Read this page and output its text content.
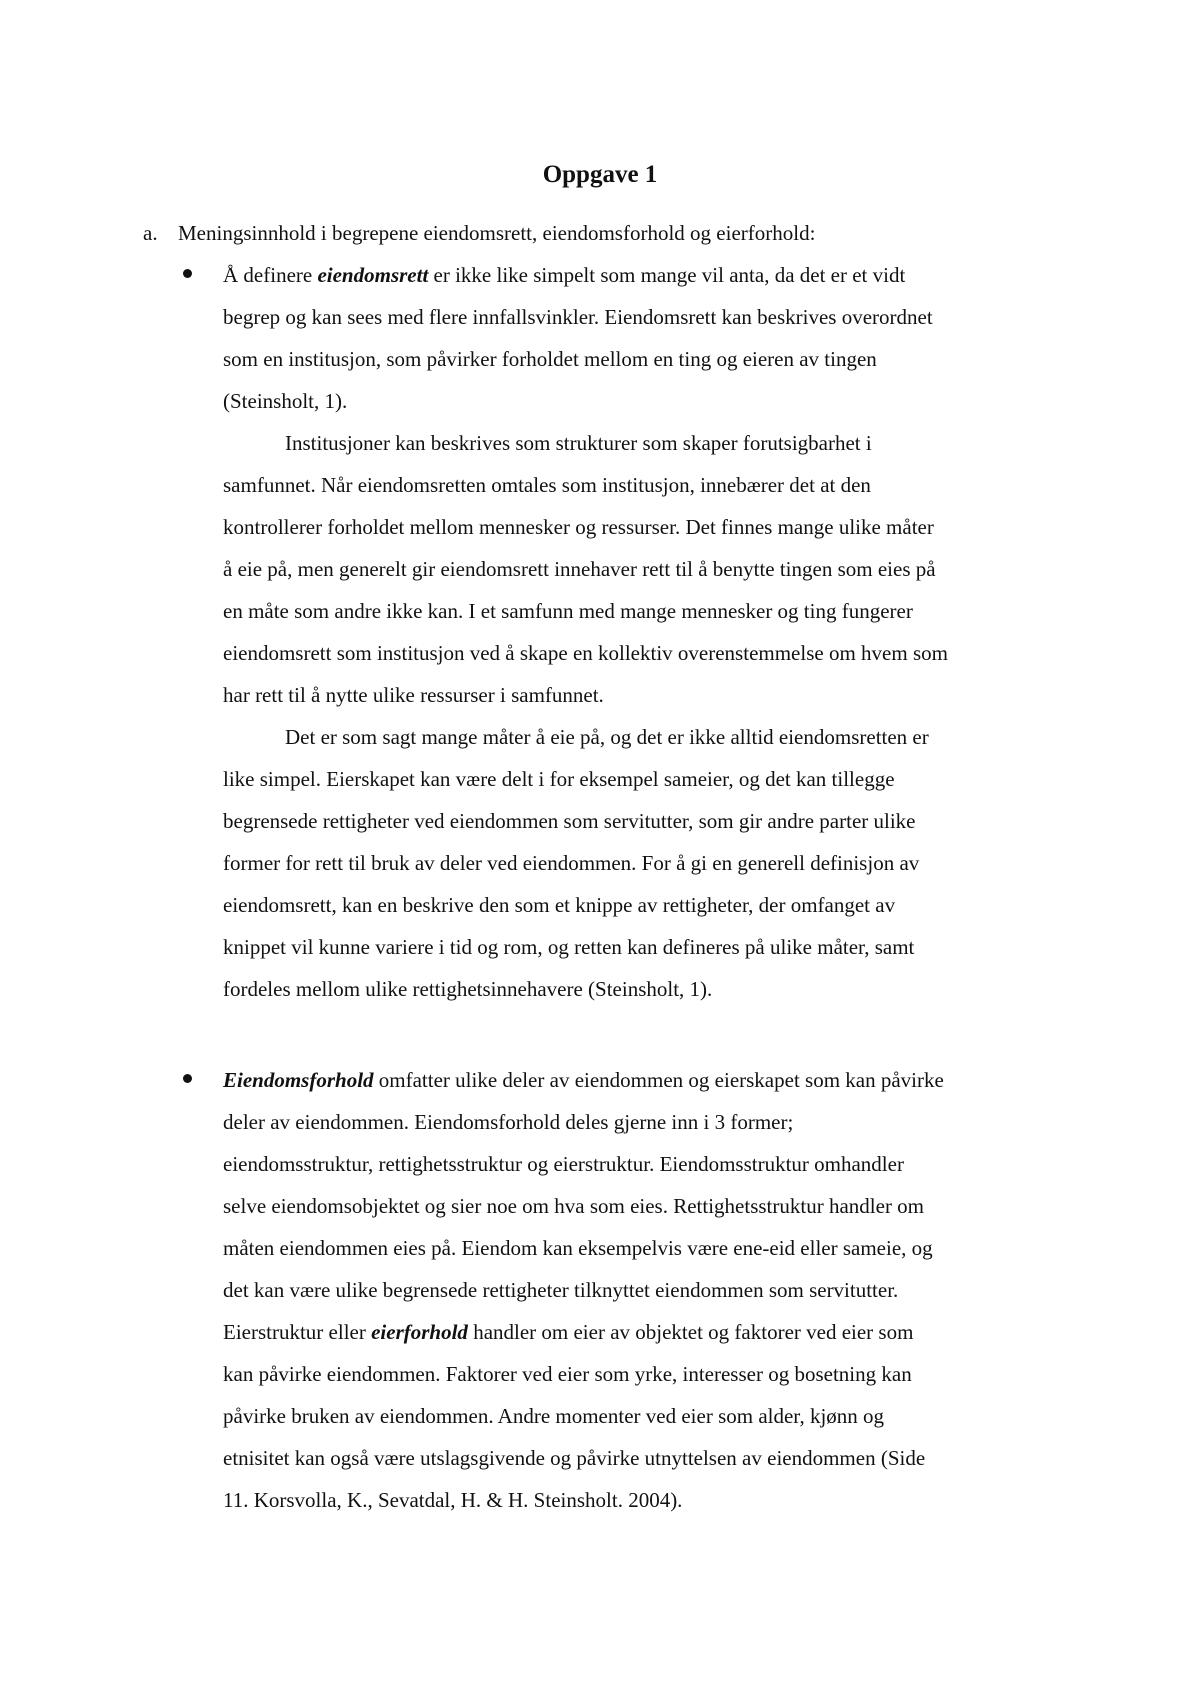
Oppgave 1
a. Meningsinnhold i begrepene eiendomsrett, eiendomsforhold og eierforhold:
Å definere eiendomsrett er ikke like simpelt som mange vil anta, da det er et vidt
begrep og kan sees med flere innfallsvinkler. Eiendomsrett kan beskrives overordnet
som en institusjon, som påvirker forholdet mellom en ting og eieren av tingen
(Steinsholt, 1).
Institusjoner kan beskrives som strukturer som skaper forutsigbarhet i
samfunnet. Når eiendomsretten omtales som institusjon, innebærer det at den
kontrollerer forholdet mellom mennesker og ressurser. Det finnes mange ulike måter
å eie på, men generelt gir eiendomsrett innehaver rett til å benytte tingen som eies på
en måte som andre ikke kan. I et samfunn med mange mennesker og ting fungerer
eiendomsrett som institusjon ved å skape en kollektiv overenstemmelse om hvem som
har rett til å nytte ulike ressurser i samfunnet.
Det er som sagt mange måter å eie på, og det er ikke alltid eiendomsretten er
like simpel. Eierskapet kan være delt i for eksempel sameier, og det kan tillegge
begrensede rettigheter ved eiendommen som servitutter, som gir andre parter ulike
former for rett til bruk av deler ved eiendommen. For å gi en generell definisjon av
eiendomsrett, kan en beskrive den som et knippe av rettigheter, der omfanget av
knippet vil kunne variere i tid og rom, og retten kan defineres på ulike måter, samt
fordeles mellom ulike rettighetsinnehavere (Steinsholt, 1).
Eiendomsforhold omfatter ulike deler av eiendommen og eierskapet som kan påvirke
deler av eiendommen. Eiendomsforhold deles gjerne inn i 3 former;
eiendomsstruktur, rettighetsstruktur og eierstruktur. Eiendomsstruktur omhandler
selve eiendomsobjektet og sier noe om hva som eies. Rettighetsstruktur handler om
måten eiendommen eies på. Eiendom kan eksempelvis være ene-eid eller sameie, og
det kan være ulike begrensede rettigheter tilknyttet eiendommen som servitutter.
Eierstruktur eller eierforhold handler om eier av objektet og faktorer ved eier som
kan påvirke eiendommen. Faktorer ved eier som yrke, interesser og bosetning kan
påvirke bruken av eiendommen. Andre momenter ved eier som alder, kjønn og
etnisitet kan også være utslagsgivende og påvirke utnyttelsen av eiendommen (Side
11. Korsvolla, K., Sevatdal, H. & H. Steinsholt. 2004).
